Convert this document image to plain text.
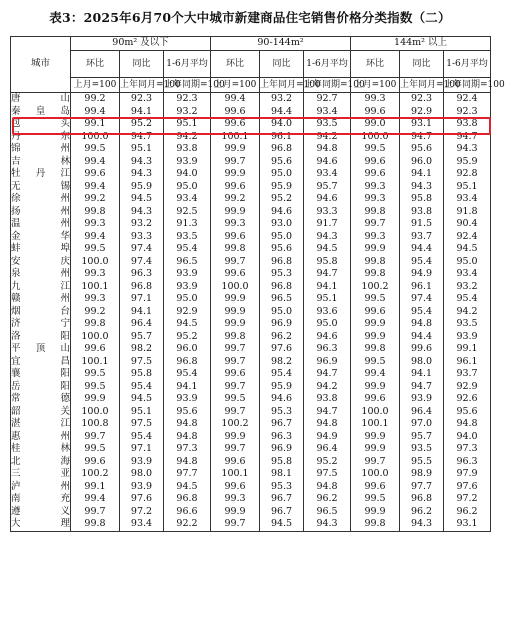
表3：2025年6月70个大中城市新建商品住宅销售价格分类指数（二）
城市	90m² 及以下			90-144m²			144m² 以上		
	环比	同比	1-6月平均	环比	同比	1-6月平均	环比	同比	1-6月平均
	上月=100	上年同月=100	上年同期=100	上月=100	上年同月=100	上年同期=100	上月=100	上年同月=100	上年同期=100
唐山	99.2	92.3	92.3	99.4	93.2	92.7	99.3	92.3	92.4
秦皇岛	99.4	94.1	93.2	99.6	94.4	93.4	99.6	92.9	92.3
包头	99.1	95.2	95.1	99.6	94.0	93.5	99.0	93.1	93.8
丹东	100.0	94.7	94.2	100.1	96.1	94.2	100.0	94.7	94.7
锦州	99.5	95.1	93.8	99.9	96.8	94.8	99.5	95.6	94.3
吉林	99.4	94.3	93.9	99.7	95.6	94.6	99.6	96.0	95.9
牡丹江	99.6	94.3	94.0	99.9	95.0	93.4	99.6	94.1	92.8
无锡	99.4	95.9	95.0	99.6	95.9	95.7	99.3	94.3	95.1
徐州	99.2	94.5	93.4	99.2	95.2	94.6	99.3	95.8	93.4
扬州	99.8	94.3	92.5	99.9	94.6	93.3	99.8	93.8	91.8
温州	99.3	93.2	91.3	99.3	93.0	91.7	99.7	91.5	90.4
金华	99.4	93.3	93.5	99.6	95.0	94.3	99.3	93.7	92.4
蚌埠	99.5	97.4	95.4	99.8	95.6	94.5	99.9	94.4	94.5
安庆	100.0	97.4	96.5	99.7	96.8	95.8	99.8	95.4	95.0
泉州	99.3	96.3	93.9	99.6	95.3	94.7	99.8	94.9	93.4
九江	100.1	96.8	93.9	100.0	96.8	94.1	100.2	96.1	93.2
赣州	99.3	97.1	95.0	99.9	96.5	95.1	99.5	97.4	95.4
烟台	99.2	94.1	92.9	99.9	95.0	93.6	99.6	95.4	94.2
济宁	99.8	96.4	94.5	99.9	96.9	95.0	99.9	94.8	93.5
洛阳	100.0	95.7	95.2	99.8	96.2	94.6	99.9	94.4	93.9
平顶山	99.6	98.2	96.0	99.7	97.6	96.3	99.8	99.6	99.1
宜昌	100.1	97.5	96.8	99.7	98.2	96.9	99.5	98.0	96.1
襄阳	99.5	95.8	95.4	99.6	95.4	94.7	99.4	94.1	93.7
岳阳	99.5	95.4	94.1	99.7	95.9	94.2	99.9	94.7	92.9
常德	99.9	94.5	93.9	99.5	94.6	93.8	99.6	93.9	92.6
韶关	100.0	95.1	95.6	99.7	95.3	94.7	100.0	96.4	95.6
湛江	100.8	97.5	94.8	100.2	96.7	94.8	100.1	97.0	94.8
惠州	99.7	95.4	94.8	99.9	96.3	94.9	99.9	95.7	94.0
桂林	99.5	97.1	97.3	99.7	96.9	96.4	99.9	93.5	97.3
北海	99.6	93.9	94.8	99.6	95.8	95.2	99.7	95.5	96.3
三亚	100.2	98.0	97.7	100.1	98.1	97.5	100.0	98.9	97.9
泸州	99.1	93.9	94.5	99.6	95.3	94.8	99.6	97.7	97.6
南充	99.4	97.6	96.8	99.3	96.7	96.2	99.5	96.8	97.2
遵义	99.7	97.2	96.6	99.9	96.7	96.5	99.9	96.2	96.2
大理	99.8	93.4	92.2	99.7	94.5	94.3	99.8	94.3	93.1
